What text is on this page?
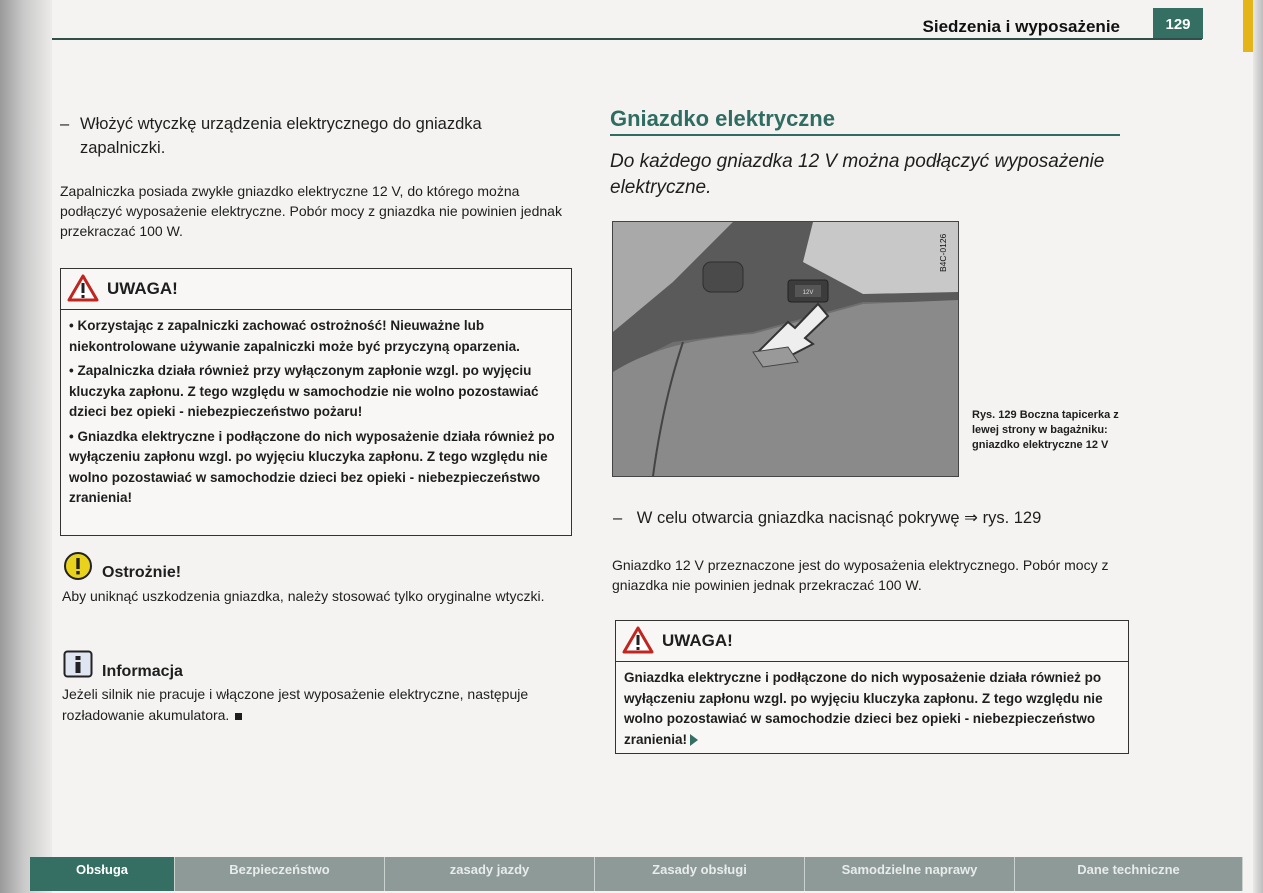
Siedzenia i wyposażenie	129
– Włożyć wtyczkę urządzenia elektrycznego do gniazdka zapalniczki.
Zapalniczka posiada zwykłe gniazdko elektryczne 12 V, do którego można podłączyć wyposażenie elektryczne. Pobór mocy z gniazdka nie powinien jednak przekraczać 100 W.
UWAGA!

• Korzystając z zapalniczki zachować ostrożność! Nieuważne lub niekontrolowane używanie zapalniczki może być przyczyną oparzenia.

• Zapalniczka działa również przy wyłączonym zapłonie wzgl. po wyjęciu kluczyka zapłonu. Z tego względu w samochodzie nie wolno pozostawiać dzieci bez opieki - niebezpieczeństwo pożaru!

• Gniazdka elektryczne i podłączone do nich wyposażenie działa również po wyłączeniu zapłonu wzgl. po wyjęciu kluczyka zapłonu. Z tego względu nie wolno pozostawiać w samochodzie dzieci bez opieki - niebezpieczeństwo zranienia!

Ostrożnie!
Aby uniknąć uszkodzenia gniazdka, należy stosować tylko oryginalne wtyczki.
Informacja
Jeżeli silnik nie pracuje i włączone jest wyposażenie elektryczne, następuje rozładowanie akumulatora.
Gniazdko elektryczne
Do każdego gniazdka 12 V można podłączyć wyposażenie elektryczne.
12V
B4C-0126
Rys. 129 Boczna tapicerka z lewej strony w bagażniku: gniazdko elektryczne 12 V
– W celu otwarcia gniazdka nacisnąć pokrywę ⇒ rys. 129
Gniazdko 12 V przeznaczone jest do wyposażenia elektrycznego. Pobór mocy z gniazdka nie powinien jednak przekraczać 100 W.
UWAGA!
Gniazdka elektryczne i podłączone do nich wyposażenie działa również po wyłączeniu zapłonu wzgl. po wyjęciu kluczyka zapłonu. Z tego względu nie wolno pozostawiać w samochodzie dzieci bez opieki - niebezpieczeństwo zranienia!
Obsługa	Bezpieczeństwo	zasady jazdy	Zasady obsługi	Samodzielne naprawy	Dane techniczne
